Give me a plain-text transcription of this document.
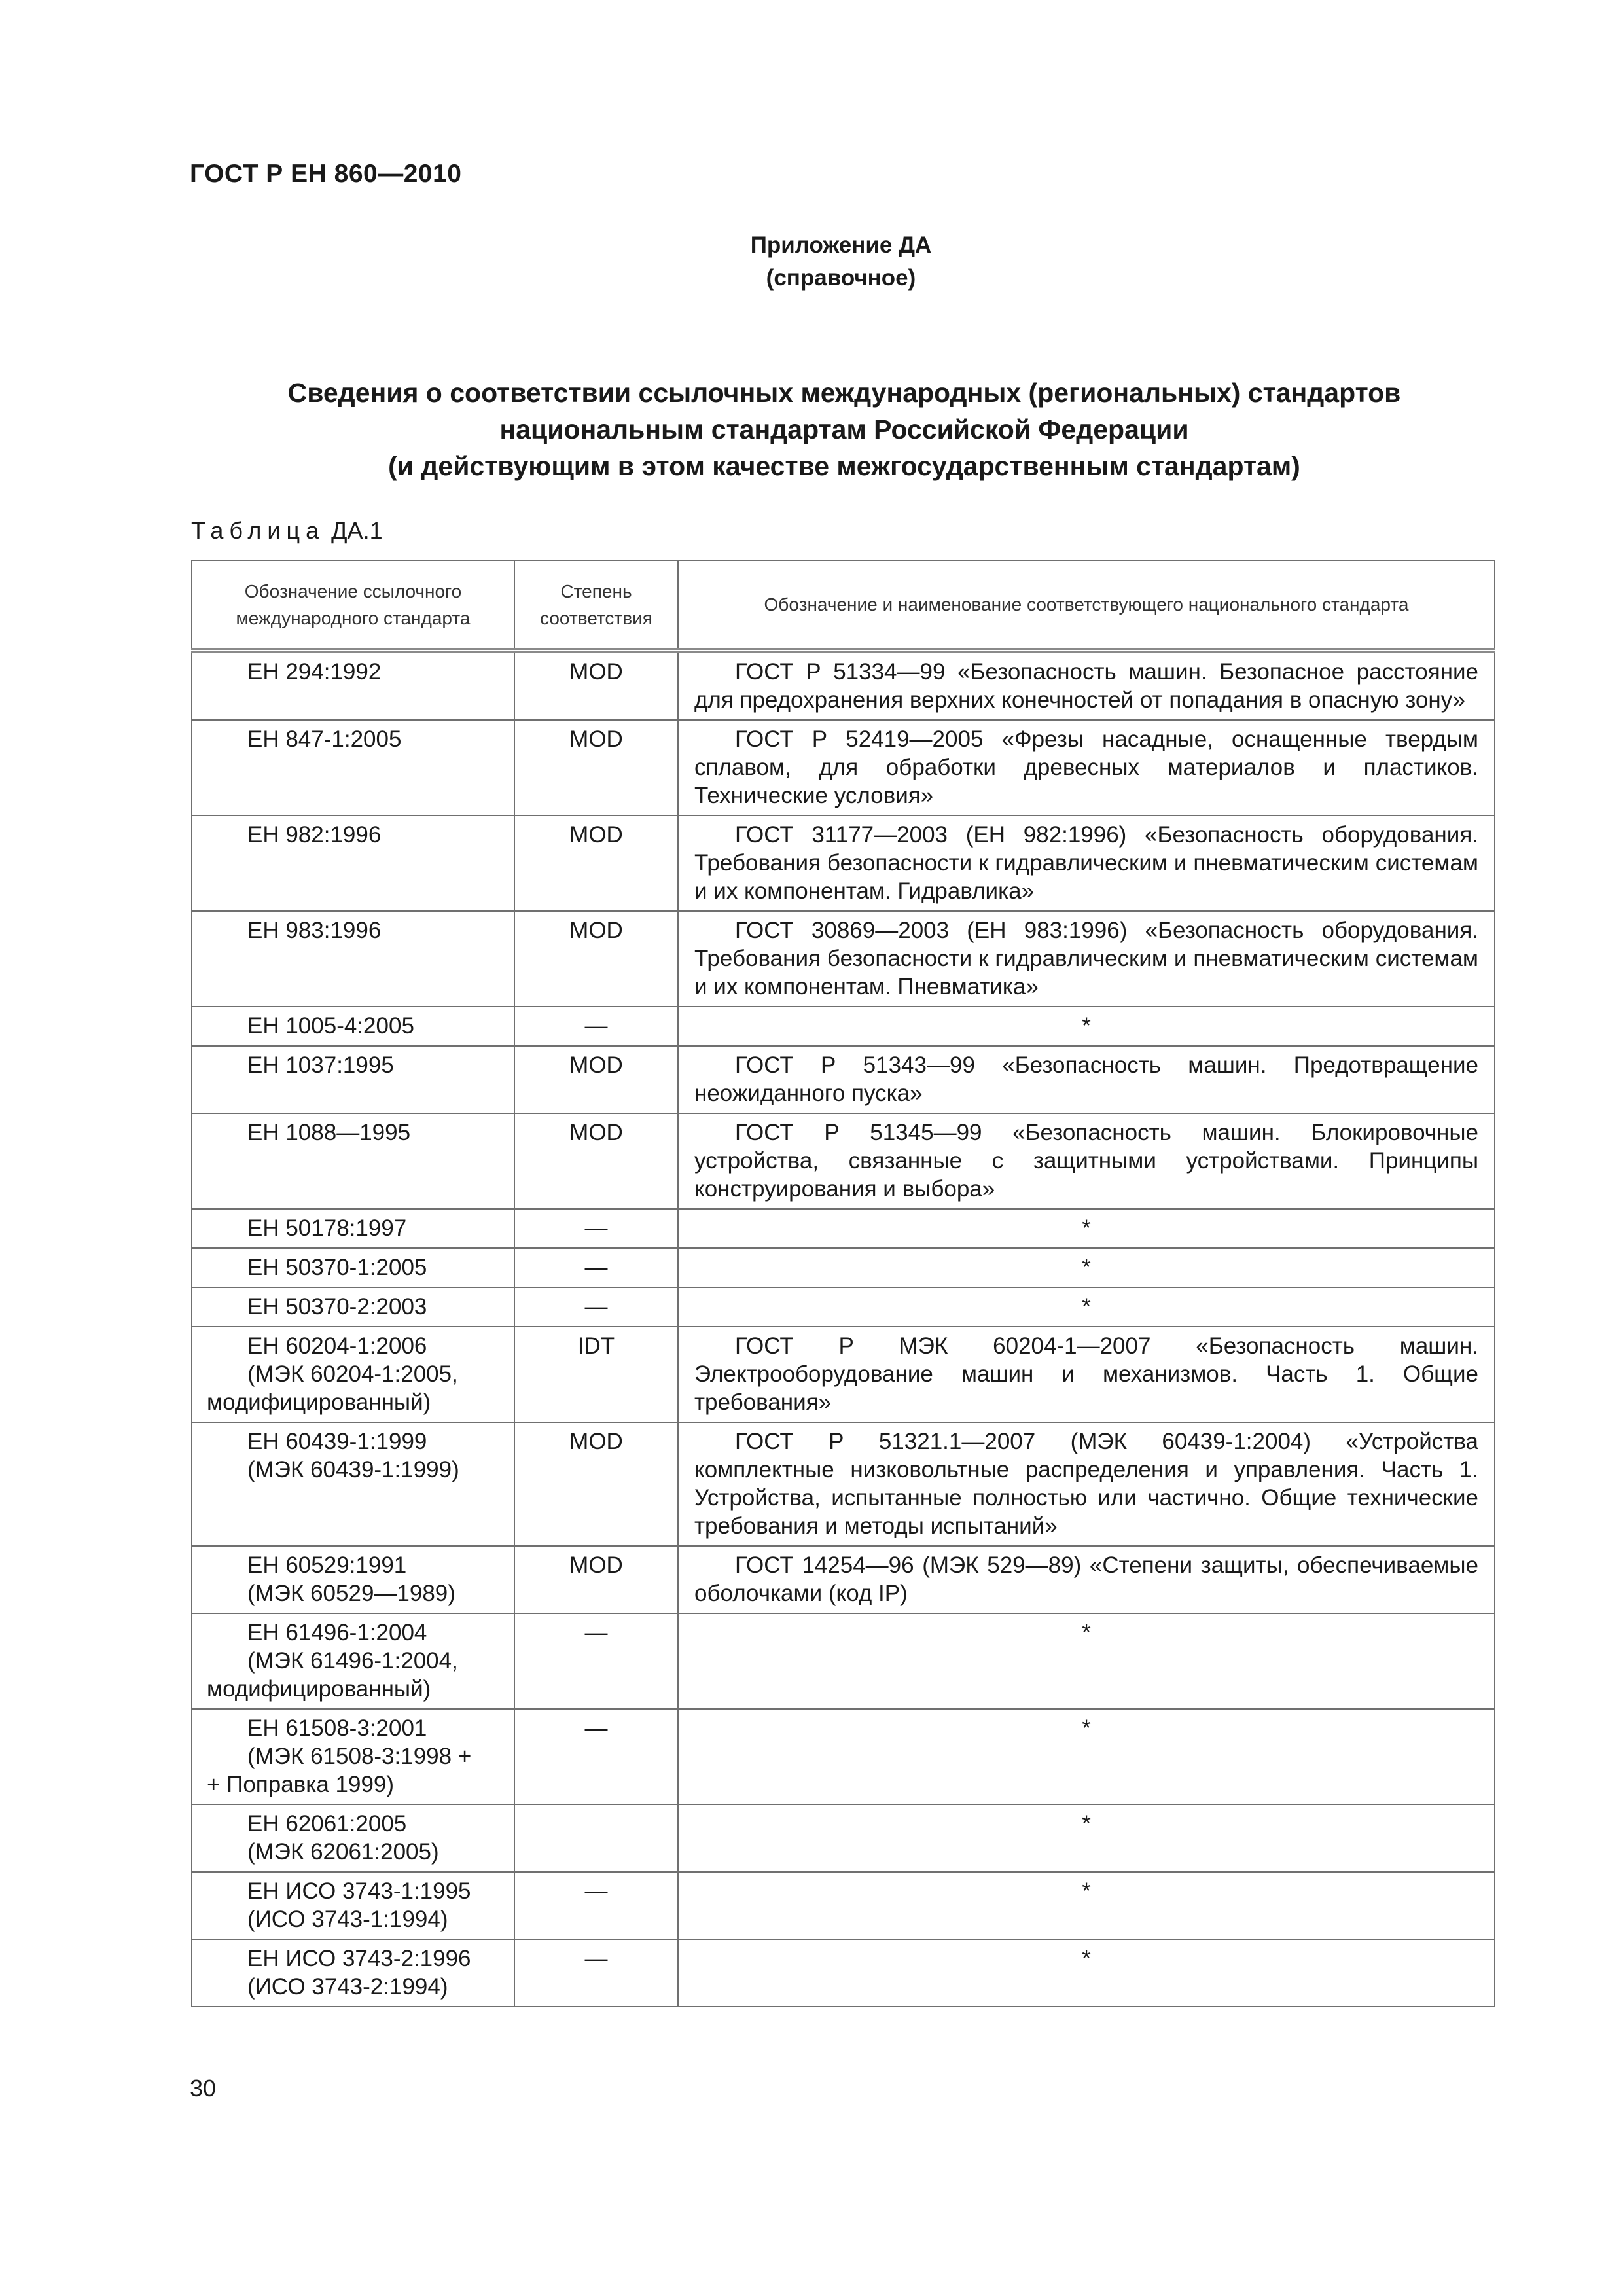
ГОСТ Р ЕН 860—2010
Приложение ДА
(справочное)
Сведения о соответствии ссылочных международных (региональных) стандартов
национальным стандартам Российской Федерации
(и действующим в этом качестве межгосударственным стандартам)
Таблица ДА.1
Обозначение ссылочного международного стандарта	Степень соответствия	Обозначение и наименование соответствующего национального стандарта

ЕН 294:1992	MOD	ГОСТ Р 51334—99 «Безопасность машин. Безопасное расстояние для предохранения верхних конечностей от попадания в опасную зону»

ЕН 847-1:2005	MOD	ГОСТ Р 52419—2005 «Фрезы насадные, оснащенные твердым сплавом, для обработки древесных материалов и пластиков. Технические условия»

ЕН 982:1996	MOD	ГОСТ 31177—2003 (ЕН 982:1996) «Безопасность оборудования. Требования безопасности к гидравлическим и пневматическим системам и их компонентам. Гидравлика»

ЕН 983:1996	MOD	ГОСТ 30869—2003 (ЕН 983:1996) «Безопасность оборудования. Требования безопасности к гидравлическим и пневматическим системам и их компонентам. Пневматика»

ЕН 1005-4:2005	—	*

ЕН 1037:1995	MOD	ГОСТ Р 51343—99 «Безопасность машин. Предотвращение неожиданного пуска»

ЕН 1088—1995	MOD	ГОСТ Р 51345—99 «Безопасность машин. Блокировочные устройства, связанные с защитными устройствами. Принципы конструирования и выбора»

ЕН 50178:1997	—	*

ЕН 50370-1:2005	—	*

ЕН 50370-2:2003	—	*

ЕН 60204-1:2006
(МЭК 60204-1:2005,
модифицированный)	IDT	ГОСТ Р МЭК 60204-1—2007 «Безопасность машин. Электрооборудование машин и механизмов. Часть 1. Общие требования»

ЕН 60439-1:1999
(МЭК 60439-1:1999)	MOD	ГОСТ Р 51321.1—2007 (МЭК 60439-1:2004) «Устройства комплектные низковольтные распределения и управления. Часть 1. Устройства, испытанные полностью или частично. Общие технические требования и методы испытаний»

ЕН 60529:1991
(МЭК 60529—1989)	MOD	ГОСТ 14254—96 (МЭК 529—89) «Степени защиты, обеспечиваемые оболочками (код IP)

ЕН 61496-1:2004
(МЭК 61496-1:2004,
модифицированный)	—	*

ЕН 61508-3:2001
(МЭК 61508-3:1998 +
+ Поправка 1999)	—	*

ЕН 62061:2005
(МЭК 62061:2005)		*

ЕН ИСО 3743-1:1995
(ИСО 3743-1:1994)	—	*

ЕН ИСО 3743-2:1996
(ИСО 3743-2:1994)	—	*
30
